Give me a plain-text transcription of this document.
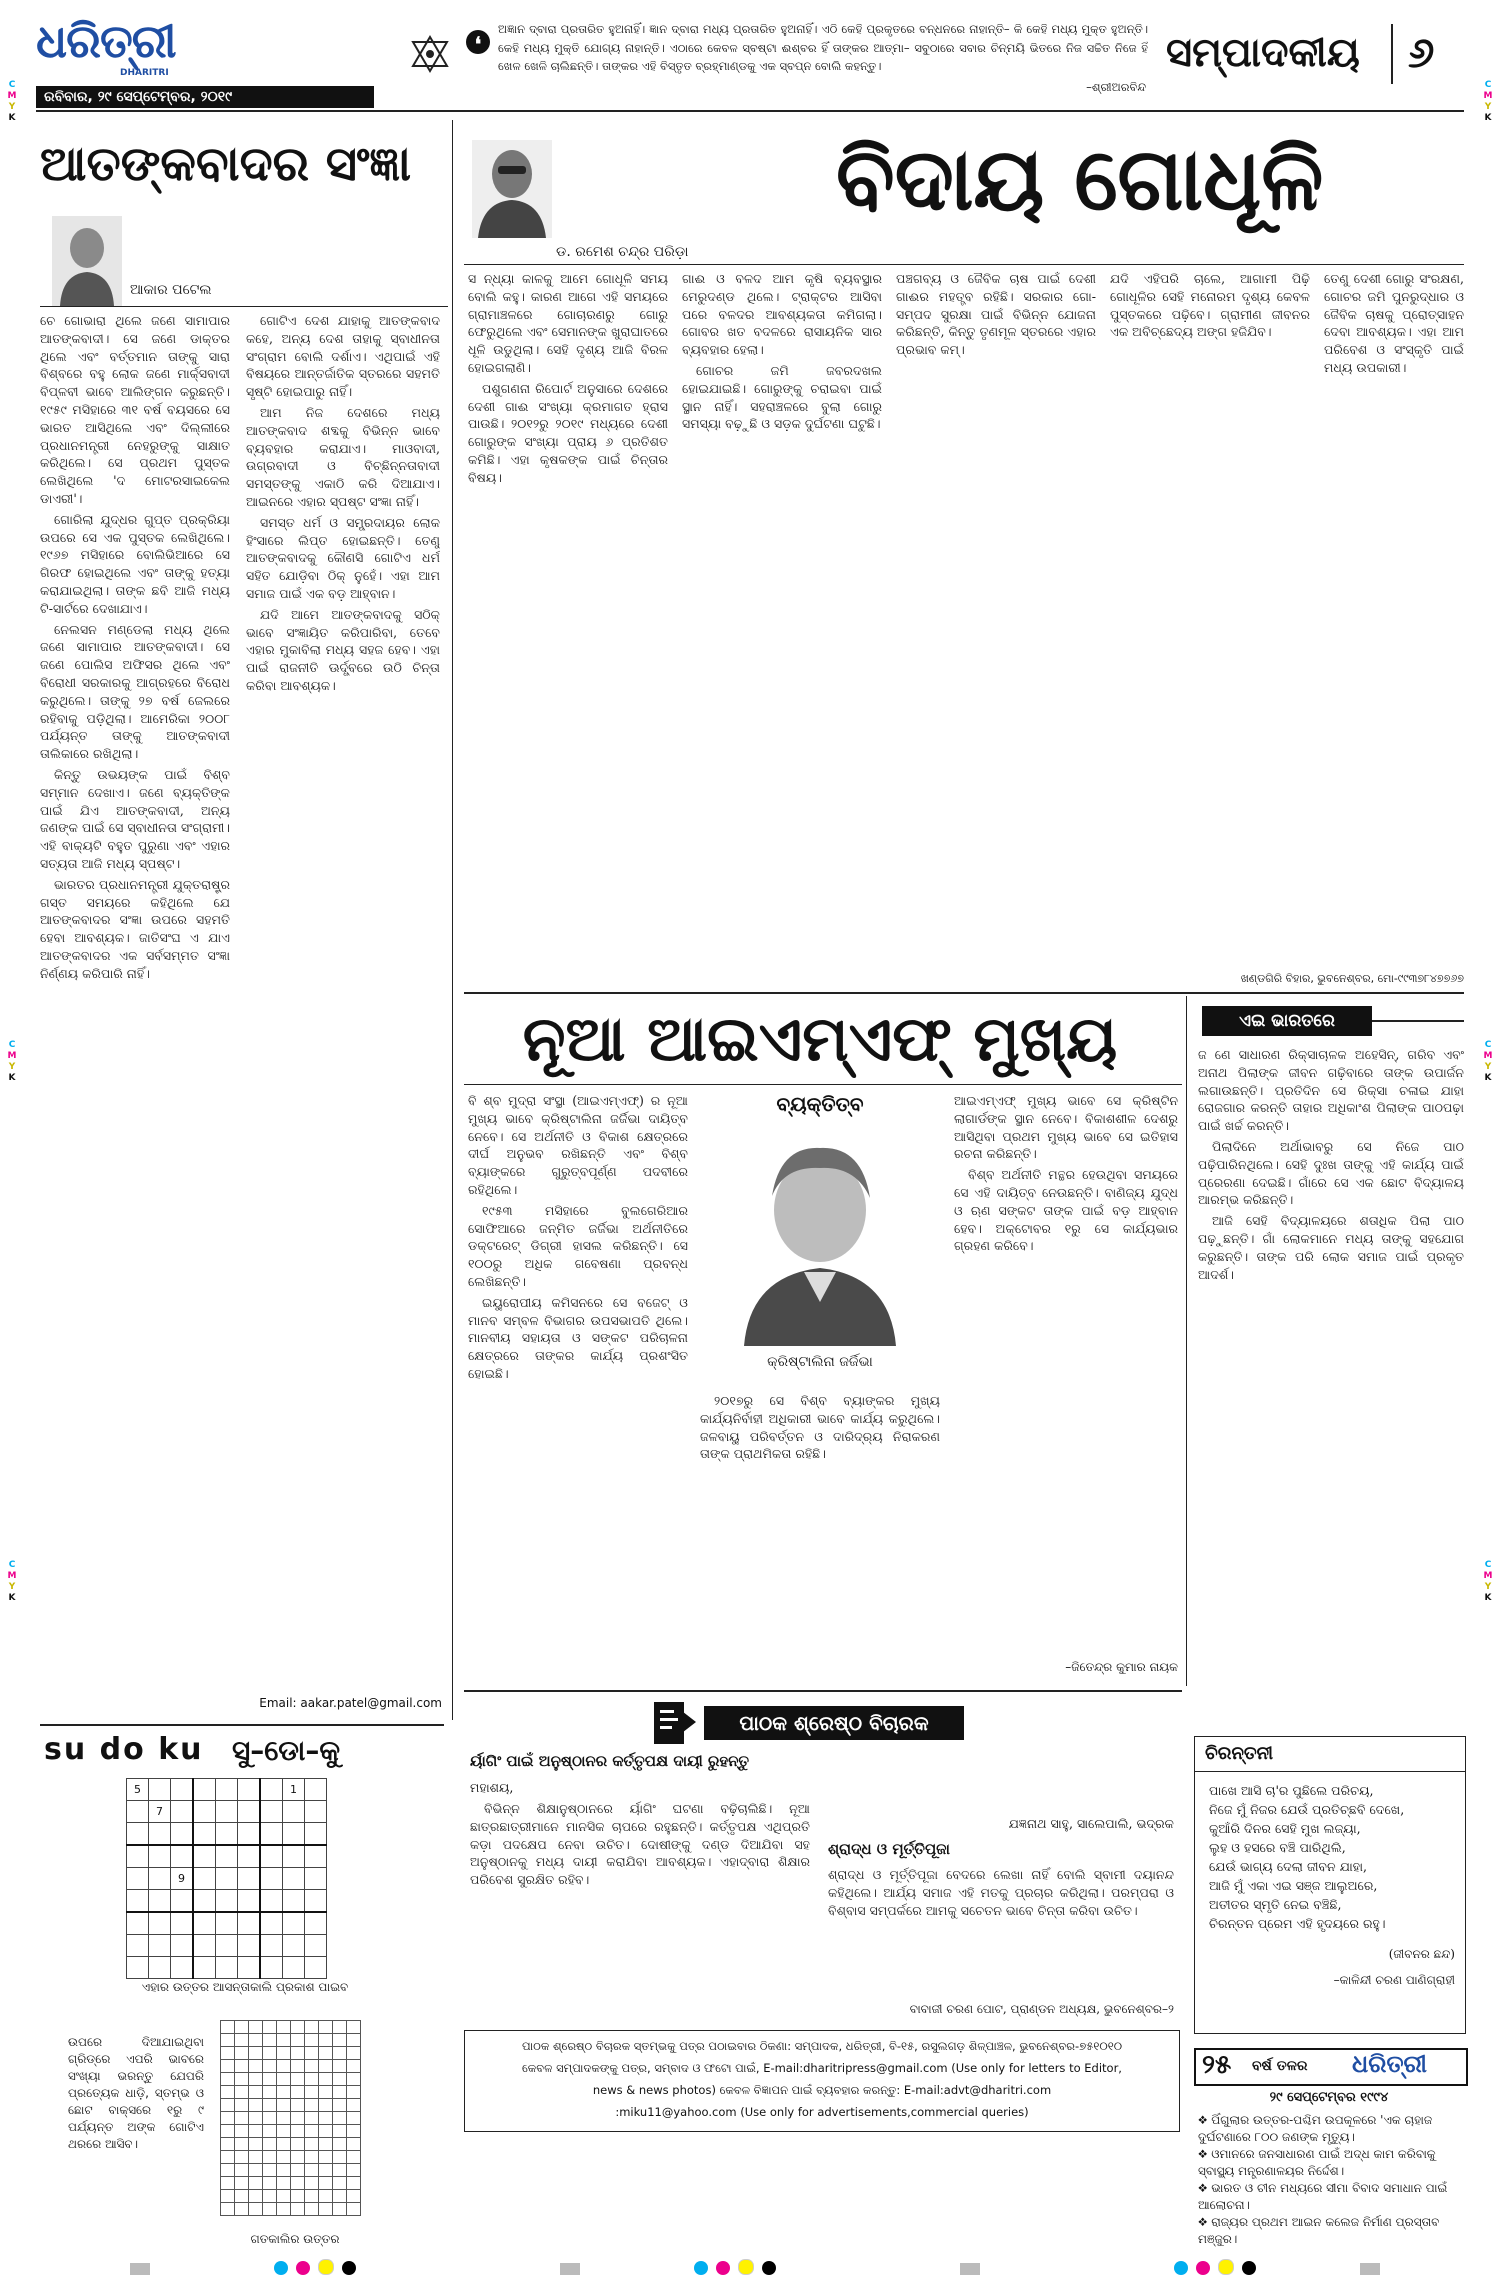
ଧରିତ୍ରୀ
DHARITRI
ରବିବାର, ୨୯ ସେପ୍ଟେମ୍ବର, ୨୦୧୯
❛
ଅଜ୍ଞାନ ଦ୍ବାରା ପ୍ରତାରିତ ହୁଅନାହିଁ। ଜ୍ଞାନ ଦ୍ବାରା ମଧ୍ୟ ପ୍ରତାରିତ ହୁଅନାହିଁ। ଏଠି କେହି ପ୍ରକୃତରେ ବନ୍ଧନରେ ନାହାନ୍ତି– କି କେହି ମଧ୍ୟ ମୁକ୍ତ ହୁଅନ୍ତି। କେହି ମଧ୍ୟ ମୁକ୍ତି ଯୋଗ୍ୟ ନାହାନ୍ତି। ଏଠାରେ କେବଳ ସ୍ବଷ୍ଟା ଈଶ୍ବର ହିଁ ତାଙ୍କର ଆତ୍ମା– ସବୁଠାରେ ସବାର ଚିନ୍ମୟି ଭିତରେ ନିଜ ସଚ୍ଚିତ ନିଜେ ହିଁ ଖେଳ ଖେଳି ଚାଲିଛନ୍ତି। ତାଙ୍କର ଏହି ବିସ୍ତୃତ ବ୍ରହ୍ମାଣ୍ଡକୁ ଏକ ସ୍ବପ୍ନ ବୋଲି କହନ୍ତୁ।
–ଶ୍ରୀଅରବିନ୍ଦ
ସମ୍ପାଦକୀୟ ୬
C
M
Y
K
C
M
Y
K
C
M
Y
K
C
M
Y
K
C
M
Y
K
C
M
Y
K
ଆତଙ୍କବାଦର ସଂଜ୍ଞା
ଆକାର ପଟେଲ

ଚେ ଗୋଭାରା ଥିଲେ ଜଣେ ସାମାପାର ଆତଙ୍କବାଦୀ। ସେ ଜଣେ ଡାକ୍ତର ଥିଲେ ଏବଂ ବର୍ତ୍ତମାନ ତାଙ୍କୁ ସାରା ବିଶ୍ବରେ ବହୁ ଲୋକ ଜଣେ ମାର୍କ୍ସବାଦୀ ବିପ୍ଳବୀ ଭାବେ ଆଲିଙ୍ଗନ କରୁଛନ୍ତି। ୧୯୫୯ ମସିହାରେ ୩୧ ବର୍ଷ ବୟସରେ ସେ ଭାରତ ଆସିଥିଲେ ଏବଂ ଦିଲ୍ଲୀରେ ପ୍ରଧାନମନ୍ତ୍ରୀ ନେହରୁଙ୍କୁ ସାକ୍ଷାତ କରିଥିଲେ। ସେ ପ୍ରଥମ ପୁସ୍ତକ ଲେଖିଥିଲେ 'ଦ ମୋଟରସାଇକେଲ ଡାଏରୀ'।

ଗୋରିଲା ଯୁଦ୍ଧର ଗୁପ୍ତ ପ୍ରକ୍ରିୟା ଉପରେ ସେ ଏକ ପୁସ୍ତକ ଲେଖିଥିଲେ। ୧୯୬୭ ମସିହାରେ ବୋଲିଭିଆରେ ସେ ଗିରଫ ହୋଇଥିଲେ ଏବଂ ତାଙ୍କୁ ହତ୍ୟା କରାଯାଇଥିଲା। ତାଙ୍କ ଛବି ଆଜି ମଧ୍ୟ ଟି-ସାର୍ଟରେ ଦେଖାଯାଏ।

ନେଲସନ ମଣ୍ଡେଲା ମଧ୍ୟ ଥିଲେ ଜଣେ ସାମାପାର ଆତଙ୍କବାଦୀ। ସେ ଜଣେ ପୋଲିସ ଅଫିସର ଥିଲେ ଏବଂ ବିରୋଧୀ ସରକାରକୁ ଆଗ୍ରହରେ ବିରୋଧ କରୁଥିଲେ। ତାଙ୍କୁ ୨୭ ବର୍ଷ ଜେଲରେ ରହିବାକୁ ପଡ଼ିଥିଲା। ଆମେରିକା ୨୦୦୮ ପର୍ଯ୍ୟନ୍ତ ତାଙ୍କୁ ଆତଙ୍କବାଦୀ ତାଲିକାରେ ରଖିଥିଲା।

କିନ୍ତୁ ଉଭୟଙ୍କ ପାଇଁ ବିଶ୍ବ ସମ୍ମାନ ଦେଖାଏ। ଜଣେ ବ୍ୟକ୍ତିଙ୍କ ପାଇଁ ଯିଏ ଆତଙ୍କବାଦୀ, ଅନ୍ୟ ଜଣଙ୍କ ପାଇଁ ସେ ସ୍ବାଧୀନତା ସଂଗ୍ରାମୀ। ଏହି ବାକ୍ୟଟି ବହୁତ ପୁରୁଣା ଏବଂ ଏହାର ସତ୍ୟତା ଆଜି ମଧ୍ୟ ସ୍ପଷ୍ଟ।

ଭାରତର ପ୍ରଧାନମନ୍ତ୍ରୀ ଯୁକ୍ତରାଷ୍ଟ୍ର ଗସ୍ତ ସମୟରେ କହିଥିଲେ ଯେ ଆତଙ୍କବାଦର ସଂଜ୍ଞା ଉପରେ ସହମତି ହେବା ଆବଶ୍ୟକ। ଜାତିସଂଘ ଏ ଯାଏ ଆତଙ୍କବାଦର ଏକ ସର୍ବସମ୍ମତ ସଂଜ୍ଞା ନିର୍ଣ୍ଣୟ କରିପାରି ନାହିଁ।

ଗୋଟିଏ ଦେଶ ଯାହାକୁ ଆତଙ୍କବାଦ କହେ, ଅନ୍ୟ ଦେଶ ତାହାକୁ ସ୍ବାଧୀନତା ସଂଗ୍ରାମ ବୋଲି ଦର୍ଶାଏ। ଏଥିପାଇଁ ଏହି ବିଷୟରେ ଆନ୍ତର୍ଜାତିକ ସ୍ତରରେ ସହମତି ସୃଷ୍ଟି ହୋଇପାରୁ ନାହିଁ।

ଆମ ନିଜ ଦେଶରେ ମଧ୍ୟ ଆତଙ୍କବାଦ ଶବ୍ଦକୁ ବିଭିନ୍ନ ଭାବେ ବ୍ୟବହାର କରାଯାଏ। ମାଓବାଦୀ, ଉଗ୍ରବାଦୀ ଓ ବିଚ୍ଛିନ୍ନତାବାଦୀ ସମସ୍ତଙ୍କୁ ଏକାଠି କରି ଦିଆଯାଏ। ଆଇନରେ ଏହାର ସ୍ପଷ୍ଟ ସଂଜ୍ଞା ନାହିଁ।

ସମସ୍ତ ଧର୍ମ ଓ ସମ୍ପ୍ରଦାୟର ଲୋକ ହିଂସାରେ ଲିପ୍ତ ହୋଇଛନ୍ତି। ତେଣୁ ଆତଙ୍କବାଦକୁ କୌଣସି ଗୋଟିଏ ଧର୍ମ ସହିତ ଯୋଡ଼ିବା ଠିକ୍ ନୁହେଁ। ଏହା ଆମ ସମାଜ ପାଇଁ ଏକ ବଡ଼ ଆହ୍ବାନ।

ଯଦି ଆମେ ଆତଙ୍କବାଦକୁ ସଠିକ୍ ଭାବେ ସଂଜ୍ଞାୟିତ କରିପାରିବା, ତେବେ ଏହାର ମୁକାବିଲା ମଧ୍ୟ ସହଜ ହେବ। ଏହା ପାଇଁ ରାଜନୀତି ଊର୍ଦ୍ଧ୍ବରେ ଉଠି ଚିନ୍ତା କରିବା ଆବଶ୍ୟକ।

Email: aakar.patel@gmail.com
su do ku ସୁ–ଡୋ–କୁ
5							1	
	7							

		9						

ଏହାର ଉତ୍ତର ଆସନ୍ତାକାଲି ପ୍ରକାଶ ପାଇବ
ଉପରେ ଦିଆଯାଇଥିବା ଗ୍ରିଡ୍‌ରେ ଏପରି ଭାବରେ ସଂଖ୍ୟା ଭରନ୍ତୁ ଯେପରି ପ୍ରତ୍ୟେକ ଧାଡ଼ି, ସ୍ତମ୍ଭ ଓ ଛୋଟ ବାକ୍ସରେ ୧ରୁ ୯ ପର୍ଯ୍ୟନ୍ତ ଅଙ୍କ ଗୋଟିଏ ଥରରେ ଆସିବ।

ଗତକାଲିର ଉତ୍ତର
ଡ. ରମେଶ ଚନ୍ଦ୍ର ପରିଡ଼ା
ବିଦାୟ ଗୋଧୂଳି

ସ ନ୍ଧ୍ୟା କାଳକୁ ଆମେ ଗୋଧୂଳି ସମୟ ବୋଲି କହୁ। କାରଣ ଆଗେ ଏହି ସମୟରେ ଗ୍ରାମାଞ୍ଚଳରେ ଗୋଚାରଣରୁ ଗୋରୁ ଫେରୁଥିଲେ ଏବଂ ସେମାନଙ୍କ ଖୁରାଘାତରେ ଧୂଳି ଉଡୁଥିଲା। ସେହି ଦୃଶ୍ୟ ଆଜି ବିରଳ ହୋଇଗଲାଣି।

ପଶୁଗଣନା ରିପୋର୍ଟ ଅନୁସାରେ ଦେଶରେ ଦେଶୀ ଗାଈ ସଂଖ୍ୟା କ୍ରମାଗତ ହ୍ରାସ ପାଉଛି। ୨୦୧୨ରୁ ୨୦୧୯ ମଧ୍ୟରେ ଦେଶୀ ଗୋରୁଙ୍କ ସଂଖ୍ୟା ପ୍ରାୟ ୬ ପ୍ରତିଶତ କମିଛି। ଏହା କୃଷକଙ୍କ ପାଇଁ ଚିନ୍ତାର ବିଷୟ।

ଗାଈ ଓ ବଳଦ ଆମ କୃଷି ବ୍ୟବସ୍ଥାର ମେରୁଦଣ୍ଡ ଥିଲେ। ଟ୍ରାକ୍ଟର ଆସିବା ପରେ ବଳଦର ଆବଶ୍ୟକତା କମିଗଲା। ଗୋବର ଖତ ବଦଳରେ ରାସାୟନିକ ସାର ବ୍ୟବହାର ହେଲା।

ଗୋଚର ଜମି ଜବରଦଖଲ ହୋଇଯାଇଛି। ଗୋରୁଙ୍କୁ ଚରାଇବା ପାଇଁ ସ୍ଥାନ ନାହିଁ। ସହରାଞ୍ଚଳରେ ବୁଲା ଗୋରୁ ସମସ୍ୟା ବଢ଼ୁଛି ଓ ସଡ଼କ ଦୁର୍ଘଟଣା ଘଟୁଛି।

ପଞ୍ଚଗବ୍ୟ ଓ ଜୈବିକ ଚାଷ ପାଇଁ ଦେଶୀ ଗାଈର ମହତ୍ତ୍ବ ରହିଛି। ସରକାର ଗୋ-ସମ୍ପଦ ସୁରକ୍ଷା ପାଇଁ ବିଭିନ୍ନ ଯୋଜନା କରିଛନ୍ତି, କିନ୍ତୁ ତୃଣମୂଳ ସ୍ତରରେ ଏହାର ପ୍ରଭାବ କମ୍।

ଯଦି ଏହିପରି ଚାଲେ, ଆଗାମୀ ପିଢ଼ି ଗୋଧୂଳିର ସେହି ମନୋରମ ଦୃଶ୍ୟ କେବଳ ପୁସ୍ତକରେ ପଢ଼ିବେ। ଗ୍ରାମୀଣ ଜୀବନର ଏକ ଅବିଚ୍ଛେଦ୍ୟ ଅଙ୍ଗ ହଜିଯିବ।

ତେଣୁ ଦେଶୀ ଗୋରୁ ସଂରକ୍ଷଣ, ଗୋଚର ଜମି ପୁନରୁଦ୍ଧାର ଓ ଜୈବିକ ଚାଷକୁ ପ୍ରୋତ୍ସାହନ ଦେବା ଆବଶ୍ୟକ। ଏହା ଆମ ପରିବେଶ ଓ ସଂସ୍କୃତି ପାଇଁ ମଧ୍ୟ ଉପକାରୀ।

ଖଣ୍ଡଗିରି ବିହାର, ଭୁବନେଶ୍ବର, ମୋ-୯୯୩୭୮୪୭୭୬୭
ନୂଆ ଆଇଏମ୍ଏଫ୍ ମୁଖ୍ୟ

ବି ଶ୍ବ ମୁଦ୍ରା ସଂସ୍ଥା (ଆଇଏମ୍ଏଫ୍) ର ନୂଆ ମୁଖ୍ୟ ଭାବେ କ୍ରିଷ୍ଟାଲିନା ଜର୍ଜିଭା ଦାୟିତ୍ବ ନେବେ। ସେ ଅର୍ଥନୀତି ଓ ବିକାଶ କ୍ଷେତ୍ରରେ ଦୀର୍ଘ ଅନୁଭବ ରଖିଛନ୍ତି ଏବଂ ବିଶ୍ବ ବ୍ୟାଙ୍କରେ ଗୁରୁତ୍ବପୂର୍ଣ୍ଣ ପଦବୀରେ ରହିଥିଲେ।

୧୯୫୩ ମସିହାରେ ବୁଲଗେରିଆର ସୋଫିଆରେ ଜନ୍ମିତ ଜର୍ଜିଭା ଅର୍ଥନୀତିରେ ଡକ୍ଟରେଟ୍ ଡିଗ୍ରୀ ହାସଲ କରିଛନ୍ତି। ସେ ୧୦୦ରୁ ଅଧିକ ଗବେଷଣା ପ୍ରବନ୍ଧ ଲେଖିଛନ୍ତି।

ଇୟୁରୋପୀୟ କମିସନରେ ସେ ବଜେଟ୍ ଓ ମାନବ ସମ୍ବଳ ବିଭାଗର ଉପସଭାପତି ଥିଲେ। ମାନବୀୟ ସହାୟତା ଓ ସଙ୍କଟ ପରିଚାଳନା କ୍ଷେତ୍ରରେ ତାଙ୍କର କାର୍ଯ୍ୟ ପ୍ରଶଂସିତ ହୋଇଛି।

ବ୍ୟକ୍ତିତ୍ବ
କ୍ରିଷ୍ଟାଲିନା ଜର୍ଜିଭା

୨୦୧୭ରୁ ସେ ବିଶ୍ବ ବ୍ୟାଙ୍କର ମୁଖ୍ୟ କାର୍ଯ୍ୟନିର୍ବାହୀ ଅଧିକାରୀ ଭାବେ କାର୍ଯ୍ୟ କରୁଥିଲେ। ଜଳବାୟୁ ପରିବର୍ତ୍ତନ ଓ ଦାରିଦ୍ର୍ୟ ନିରାକରଣ ତାଙ୍କ ପ୍ରାଥମିକତା ରହିଛି।

ଆଇଏମ୍ଏଫ୍ ମୁଖ୍ୟ ଭାବେ ସେ କ୍ରିଷ୍ଟିନ ଲାଗାର୍ଡଙ୍କ ସ୍ଥାନ ନେବେ। ବିକାଶଶୀଳ ଦେଶରୁ ଆସିଥିବା ପ୍ରଥମ ମୁଖ୍ୟ ଭାବେ ସେ ଇତିହାସ ରଚନା କରିଛନ୍ତି।

ବିଶ୍ବ ଅର୍ଥନୀତି ମନ୍ଥର ହେଉଥିବା ସମୟରେ ସେ ଏହି ଦାୟିତ୍ବ ନେଉଛନ୍ତି। ବାଣିଜ୍ୟ ଯୁଦ୍ଧ ଓ ଋଣ ସଙ୍କଟ ତାଙ୍କ ପାଇଁ ବଡ଼ ଆହ୍ବାନ ହେବ। ଅକ୍ଟୋବର ୧ରୁ ସେ କାର୍ଯ୍ୟଭାର ଗ୍ରହଣ କରିବେ।

–ଜିତେନ୍ଦ୍ର କୁମାର ନାୟକ
ଏଇ ଭାରତରେ

ଜ ଣେ ସାଧାରଣ ରିକ୍ସାଚାଳକ ଅହେସିନ୍, ଗରିବ ଏବଂ ଅନାଥ ପିଲାଙ୍କ ଜୀବନ ଗଢ଼ିବାରେ ତାଙ୍କ ଉପାର୍ଜନ ଲଗାଉଛନ୍ତି। ପ୍ରତିଦିନ ସେ ରିକ୍ସା ଚଳାଇ ଯାହା ରୋଜଗାର କରନ୍ତି ତାହାର ଅଧିକାଂଶ ପିଲାଙ୍କ ପାଠପଢ଼ା ପାଇଁ ଖର୍ଚ୍ଚ କରନ୍ତି।

ପିଲାଦିନେ ଅର୍ଥାଭାବରୁ ସେ ନିଜେ ପାଠ ପଢ଼ିପାରିନଥିଲେ। ସେହି ଦୁଃଖ ତାଙ୍କୁ ଏହି କାର୍ଯ୍ୟ ପାଇଁ ପ୍ରେରଣା ଦେଇଛି। ଗାଁରେ ସେ ଏକ ଛୋଟ ବିଦ୍ୟାଳୟ ଆରମ୍ଭ କରିଛନ୍ତି।

ଆଜି ସେହି ବିଦ୍ୟାଳୟରେ ଶତାଧିକ ପିଲା ପାଠ ପଢ଼ୁଛନ୍ତି। ଗାଁ ଲୋକମାନେ ମଧ୍ୟ ତାଙ୍କୁ ସହଯୋଗ କରୁଛନ୍ତି। ତାଙ୍କ ପରି ଲୋକ ସମାଜ ପାଇଁ ପ୍ରକୃତ ଆଦର୍ଶ।

ପାଠକ ଶ୍ରେଷ୍ଠ ବିଚାରକ
ର୍ୟାଗିଂ ପାଇଁ ଅନୁଷ୍ଠାନର କର୍ତ୍ତୃପକ୍ଷ ଦାୟୀ ରୁହନ୍ତୁ
ମହାଶୟ,

ବିଭିନ୍ନ ଶିକ୍ଷାନୁଷ୍ଠାନରେ ର୍ୟାଗିଂ ଘଟଣା ବଢ଼ିଚାଲିଛି। ନୂଆ ଛାତ୍ରଛାତ୍ରୀମାନେ ମାନସିକ ଚାପରେ ରହୁଛନ୍ତି। କର୍ତ୍ତୃପକ୍ଷ ଏଥିପ୍ରତି କଡ଼ା ପଦକ୍ଷେପ ନେବା ଉଚିତ। ଦୋଷୀଙ୍କୁ ଦଣ୍ଡ ଦିଆଯିବା ସହ ଅନୁଷ୍ଠାନକୁ ମଧ୍ୟ ଦାୟୀ କରାଯିବା ଆବଶ୍ୟକ। ଏହାଦ୍ବାରା ଶିକ୍ଷାର ପରିବେଶ ସୁରକ୍ଷିତ ରହିବ।

ଯଜ୍ଞନାଥ ସାହୁ, ସାଲେପାଲି, ଭଦ୍ରକ
ଶ୍ରାଦ୍ଧ ଓ ମୂର୍ତ୍ତିପୂଜା

ଶ୍ରାଦ୍ଧ ଓ ମୂର୍ତ୍ତିପୂଜା ବେଦରେ ଲେଖା ନାହିଁ ବୋଲି ସ୍ବାମୀ ଦୟାନନ୍ଦ କହିଥିଲେ। ଆର୍ଯ୍ୟ ସମାଜ ଏହି ମତକୁ ପ୍ରଚାର କରିଥିଲା। ପରମ୍ପରା ଓ ବିଶ୍ବାସ ସମ୍ପର୍କରେ ଆମକୁ ସଚେତନ ଭାବେ ଚିନ୍ତା କରିବା ଉଚିତ।

ବାବାଜୀ ଚରଣ ପୋଟ, ପ୍ରାଣ୍ଡନ ଅଧ୍ୟକ୍ଷ, ଭୁବନେଶ୍ବର–୨
ପାଠକ ଶ୍ରେଷ୍ଠ ବିଚାରକ ସ୍ତମ୍ଭକୁ ପତ୍ର ପଠାଇବାର ଠିକଣା: ସମ୍ପାଦକ, ଧରିତ୍ରୀ, ବି-୧୫, ରସୁଲଗଡ଼ ଶିଳ୍ପାଞ୍ଚଳ, ଭୁବନେଶ୍ବର-୭୫୧୦୧୦
କେବଳ ସମ୍ପାଦକଙ୍କୁ ପତ୍ର, ସମ୍ବାଦ ଓ ଫଟୋ ପାଇଁ, E-mail:dharitripress@gmail.com (Use only for letters to Editor,
news & news photos) କେବଳ ବିଜ୍ଞାପନ ପାଇଁ ବ୍ୟବହାର କରନ୍ତୁ: E-mail:advt@dharitri.com
:miku11@yahoo.com (Use only for advertisements,commercial queries)
ଚିରନ୍ତନୀ
ପାଖେ ଆସି ଚା'ର ପୁଛିଲେ ପରିଚୟ,
ନିଜେ ମୁଁ ନିଜର ଯେଉଁ ପ୍ରତିଚ୍ଛବି ଦେଖେ,
କୁଆଁରି ଦିନର ସେହି ମୁଖ ଲଜ୍ୟା,
ଲୁହ ଓ ହସରେ ବଞ୍ଚି ପାରିଥିଲି,
ଯେଉଁ ଭାଗ୍ୟ ଦେଲା ଜୀବନ ଯାହା,
ଆଜି ମୁଁ ଏକା ଏଇ ସଞ୍ଜ ଆଲୁଅରେ,
ଅତୀତର ସ୍ମୃତି ନେଇ ବଞ୍ଚିଛି,
ଚିରନ୍ତନ ପ୍ରେମ ଏହି ହୃଦୟରେ ରହୁ।
(ଜୀବନର ଛନ୍ଦ)
–କାଳିନ୍ଦୀ ଚରଣ ପାଣିଗ୍ରାହୀ
୨୫ ବର୍ଷ ତଳର ଧରିତ୍ରୀ
୨୯ ସେପ୍ଟେମ୍ବର ୧୯୯୪
❖ ପିଁଗୁଲାର ଉତ୍ତର-ପଶ୍ଚିମ ଉପକୂଳରେ 'ଏକ ଚାହାଜ ଦୁର୍ଘଟଣାରେ ୮୦୦ ଜଣଙ୍କ ମୃତ୍ୟୁ।
❖ ଓମାନରେ ଜନସାଧାରଣ ପାଇଁ ଅଦ୍ଧ କାମ କରିବାକୁ ସ୍ବାସ୍ଥ୍ୟ ମନ୍ତ୍ରଣାଳୟର ନିର୍ଦ୍ଦେଶ।
❖ ଭାରତ ଓ ଚୀନ ମଧ୍ୟରେ ସୀମା ବିବାଦ ସମାଧାନ ପାଇଁ ଆଲୋଚନା।
❖ ରାଜ୍ୟର ପ୍ରଥମ ଆଇନ କଲେଜ ନିର୍ମାଣ ପ୍ରସ୍ତାବ ମଞ୍ଜୁର।
